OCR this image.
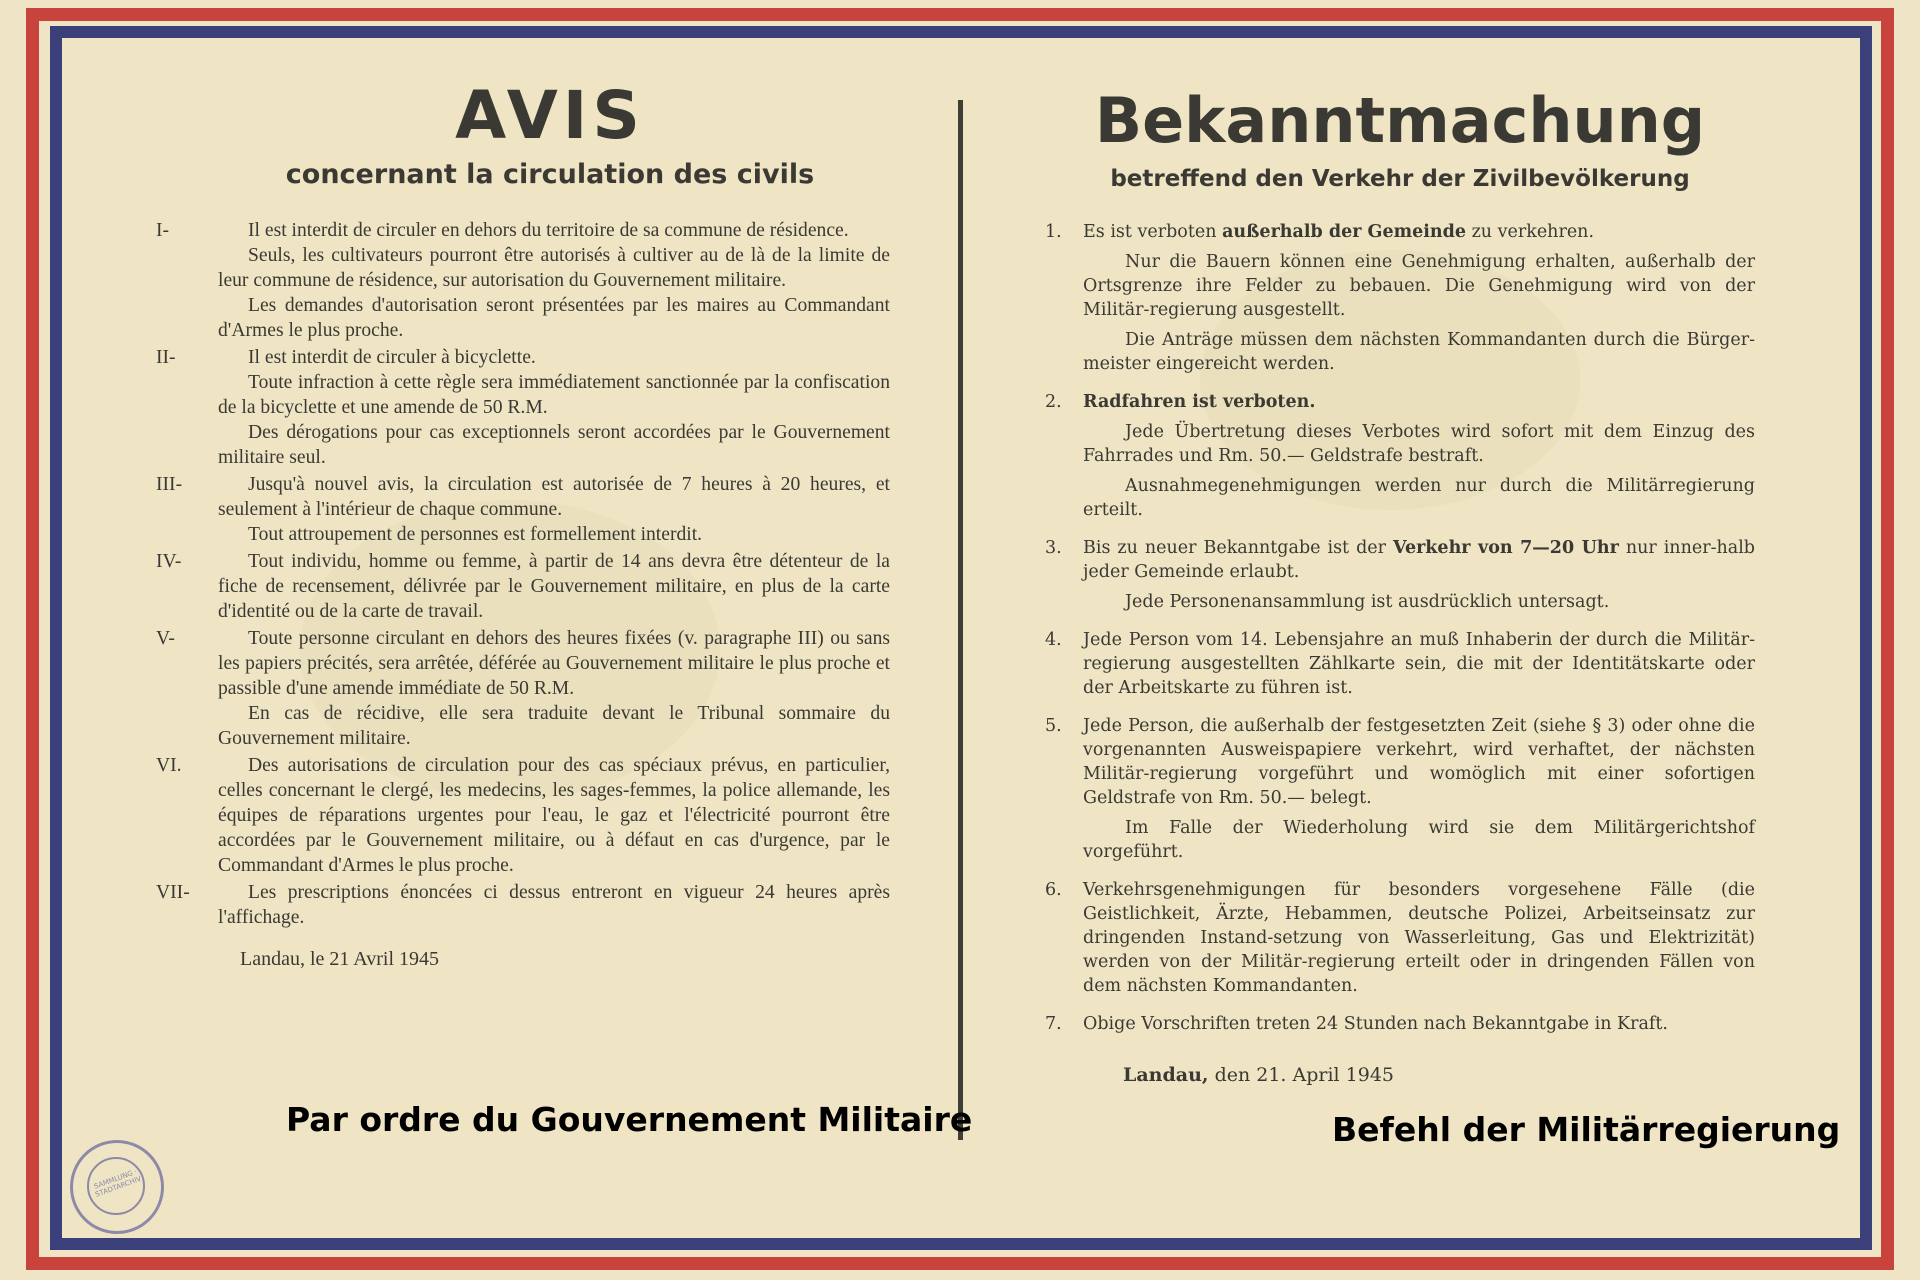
AVIS
concernant la circulation des civils
I-	Il est interdit de circuler en dehors du territoire de sa commune de résidence.

Seuls, les cultivateurs pourront être autorisés à cultiver au de là de la limite de leur commune de résidence, sur autorisation du Gouvernement militaire.

Les demandes d'autorisation seront présentées par les maires au Commandant d'Armes le plus proche.

II-	Il est interdit de circuler à bicyclette.

Toute infraction à cette règle sera immédiatement sanctionnée par la confiscation de la bicyclette et une amende de 50 R.M.

Des dérogations pour cas exceptionnels seront accordées par le Gouvernement militaire seul.

III-	Jusqu'à nouvel avis, la circulation est autorisée de 7 heures à 20 heures, et seulement à l'intérieur de chaque commune.

Tout attroupement de personnes est formellement interdit.

IV-	Tout individu, homme ou femme, à partir de 14 ans devra être détenteur de la fiche de recensement, délivrée par le Gouvernement militaire, en plus de la carte d'identité ou de la carte de travail.

V-	Toute personne circulant en dehors des heures fixées (v. paragraphe III) ou sans les papiers précités, sera arrêtée, déférée au Gouvernement militaire le plus proche et passible d'une amende immédiate de 50 R.M.

En cas de récidive, elle sera traduite devant le Tribunal sommaire du Gouvernement militaire.

VI.	Des autorisations de circulation pour des cas spéciaux prévus, en particulier, celles concernant le clergé, les medecins, les sages-femmes, la police allemande, les équipes de réparations urgentes pour l'eau, le gaz et l'électricité pourront être accordées par le Gouvernement militaire, ou à défaut en cas d'urgence, par le Commandant d'Armes le plus proche.

VII-	Les prescriptions énoncées ci dessus entreront en vigueur 24 heures après l'affichage.

Landau, le 21 Avril 1945
Bekanntmachung
betreffend den Verkehr der Zivilbevölkerung
1.	Es ist verboten außerhalb der Gemeinde zu verkehren.

Nur die Bauern können eine Genehmigung erhalten, außerhalb der Ortsgrenze ihre Felder zu bebauen. Die Genehmigung wird von der Militär-regierung ausgestellt.

Die Anträge müssen dem nächsten Kommandanten durch die Bürger-meister eingereicht werden.

2.	Radfahren ist verboten.

Jede Übertretung dieses Verbotes wird sofort mit dem Einzug des Fahrrades und Rm. 50.— Geldstrafe bestraft.

Ausnahmegenehmigungen werden nur durch die Militärregierung erteilt.

3.	Bis zu neuer Bekanntgabe ist der Verkehr von 7—20 Uhr nur inner-halb jeder Gemeinde erlaubt.

Jede Personenansammlung ist ausdrücklich untersagt.

4.	Jede Person vom 14. Lebensjahre an muß Inhaberin der durch die Militär-regierung ausgestellten Zählkarte sein, die mit der Identitätskarte oder der Arbeitskarte zu führen ist.

5.	Jede Person, die außerhalb der festgesetzten Zeit (siehe § 3) oder ohne die vorgenannten Ausweispapiere verkehrt, wird verhaftet, der nächsten Militär-regierung vorgeführt und womöglich mit einer sofortigen Geldstrafe von Rm. 50.— belegt.

Im Falle der Wiederholung wird sie dem Militärgerichtshof vorgeführt.

6.	Verkehrsgenehmigungen für besonders vorgesehene Fälle (die Geistlichkeit, Ärzte, Hebammen, deutsche Polizei, Arbeitseinsatz zur dringenden Instand-setzung von Wasserleitung, Gas und Elektrizität) werden von der Militär-regierung erteilt oder in dringenden Fällen von dem nächsten Kommandanten.

7.	Obige Vorschriften treten 24 Stunden nach Bekanntgabe in Kraft.

Landau, den 21. April 1945
Par ordre du Gouvernement Militaire	Befehl der Militärregierung
SAMMLUNG · STADTARCHIV
